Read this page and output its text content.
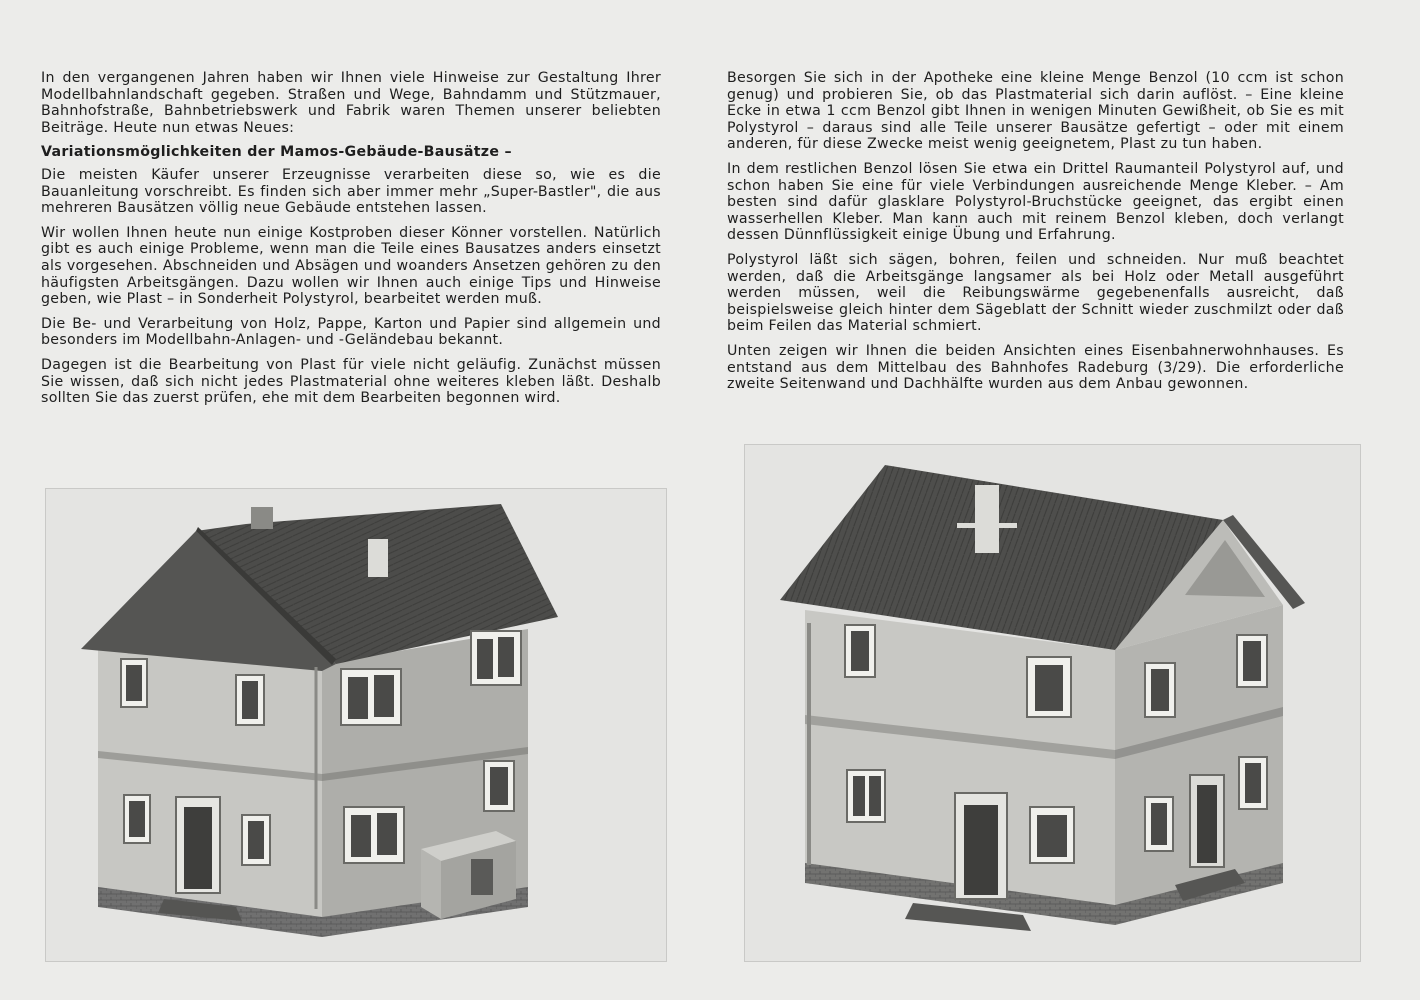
In den vergangenen Jahren haben wir Ihnen viele Hinweise zur Gestaltung Ihrer Modellbahnlandschaft gegeben. Straßen und Wege, Bahndamm und Stützmauer, Bahnhofstraße, Bahnbetriebswerk und Fabrik waren Themen unserer beliebten Beiträge. Heute nun etwas Neues:

Variationsmöglichkeiten der Mamos-Gebäude-Bausätze –

Die meisten Käufer unserer Erzeugnisse verarbeiten diese so, wie es die Bauanleitung vorschreibt. Es finden sich aber immer mehr „Super-Bastler", die aus mehreren Bausätzen völlig neue Gebäude entstehen lassen.

Wir wollen Ihnen heute nun einige Kostproben dieser Könner vorstellen. Natürlich gibt es auch einige Probleme, wenn man die Teile eines Bausatzes anders einsetzt als vorgesehen. Abschneiden und Absägen und woanders Ansetzen gehören zu den häufigsten Arbeitsgängen. Dazu wollen wir Ihnen auch einige Tips und Hinweise geben, wie Plast – in Sonderheit Polystyrol, bearbeitet werden muß.

Die Be- und Verarbeitung von Holz, Pappe, Karton und Papier sind allgemein und besonders im Modellbahn-Anlagen- und -Geländebau bekannt.

Dagegen ist die Bearbeitung von Plast für viele nicht geläufig. Zunächst müssen Sie wissen, daß sich nicht jedes Plastmaterial ohne weiteres kleben läßt. Deshalb sollten Sie das zuerst prüfen, ehe mit dem Bearbeiten begonnen wird.

Besorgen Sie sich in der Apotheke eine kleine Menge Benzol (10 ccm ist schon genug) und probieren Sie, ob das Plastmaterial sich darin auflöst. – Eine kleine Ecke in etwa 1 ccm Benzol gibt Ihnen in wenigen Minuten Gewißheit, ob Sie es mit Polystyrol – daraus sind alle Teile unserer Bausätze gefertigt – oder mit einem anderen, für diese Zwecke meist wenig geeignetem, Plast zu tun haben.

In dem restlichen Benzol lösen Sie etwa ein Drittel Raumanteil Polystyrol auf, und schon haben Sie eine für viele Verbindungen ausreichende Menge Kleber. – Am besten sind dafür glasklare Polystyrol-Bruchstücke geeignet, das ergibt einen wasserhellen Kleber. Man kann auch mit reinem Benzol kleben, doch verlangt dessen Dünnflüssigkeit einige Übung und Erfahrung.

Polystyrol läßt sich sägen, bohren, feilen und schneiden. Nur muß beachtet werden, daß die Arbeitsgänge langsamer als bei Holz oder Metall ausgeführt werden müssen, weil die Reibungswärme gegebenenfalls ausreicht, daß beispielsweise gleich hinter dem Sägeblatt der Schnitt wieder zuschmilzt oder daß beim Feilen das Material schmiert.

Unten zeigen wir Ihnen die beiden Ansichten eines Eisenbahnerwohnhauses. Es entstand aus dem Mittelbau des Bahnhofes Radeburg (3/29). Die erforderliche zweite Seitenwand und Dachhälfte wurden aus dem Anbau gewonnen.
